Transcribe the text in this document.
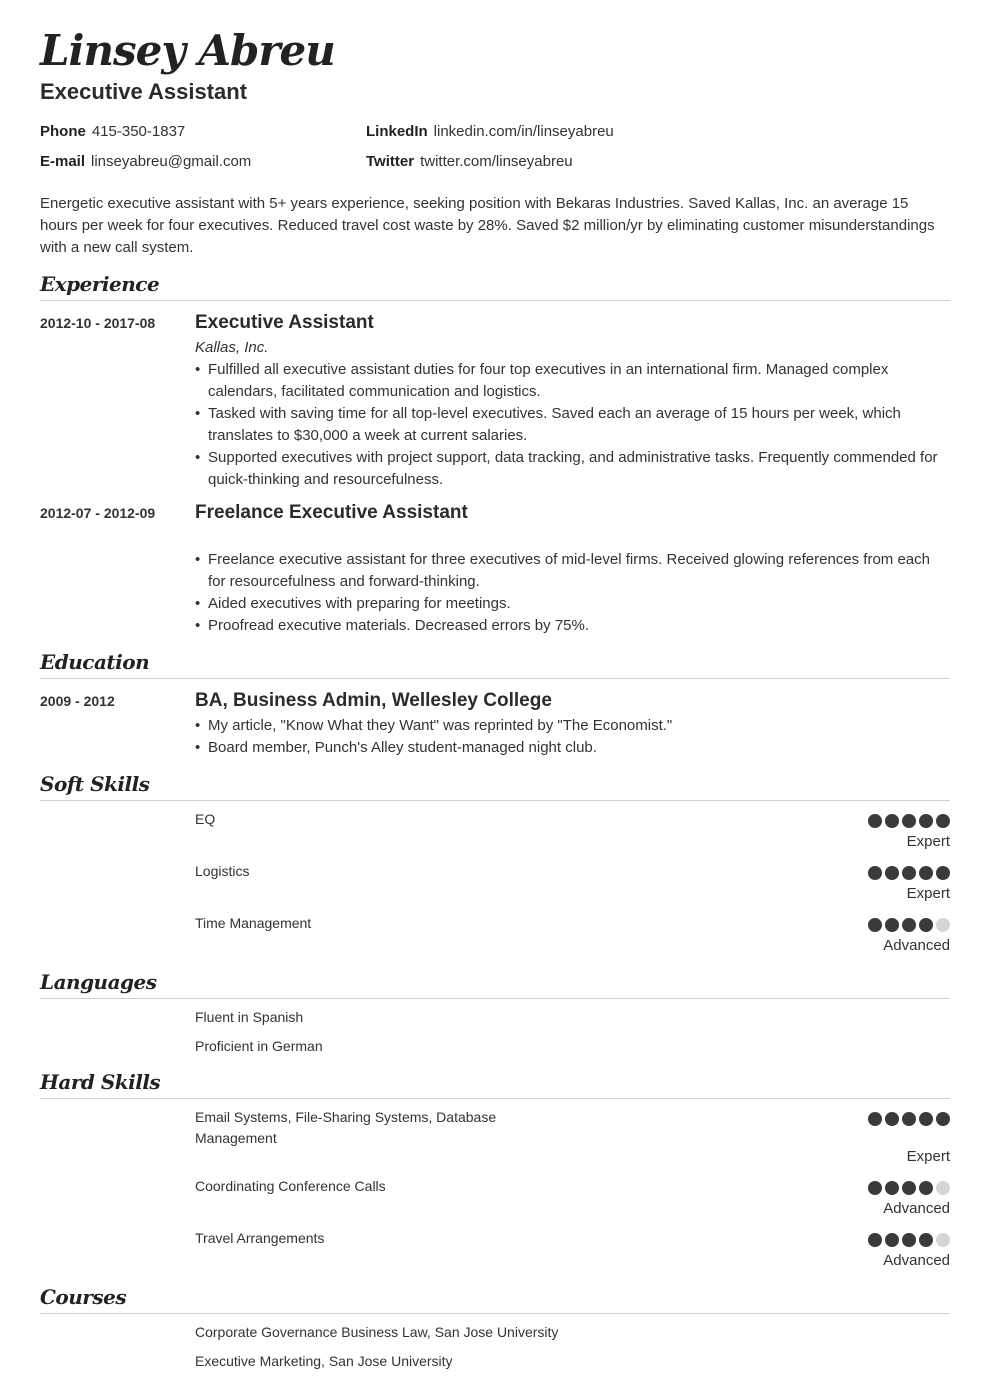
Linsey Abreu
Executive Assistant
Phone 415-350-1837	LinkedIn linkedin.com/in/linseyabreu
E-mail linseyabreu@gmail.com	Twitter twitter.com/linseyabreu

Energetic executive assistant with 5+ years experience, seeking position with Bekaras Industries. Saved Kallas, Inc. an average 15 hours per week for four executives. Reduced travel cost waste by 28%. Saved $2 million/yr by eliminating customer misunderstandings with a new call system.

Experience
2012-10 - 2017-08 Executive Assistant
Kallas, Inc.
• Fulfilled all executive assistant duties for four top executives in an international firm. Managed complex calendars, facilitated communication and logistics.
• Tasked with saving time for all top-level executives. Saved each an average of 15 hours per week, which translates to $30,000 a week at current salaries.
• Supported executives with project support, data tracking, and administrative tasks. Frequently commended for quick-thinking and resourcefulness.
2012-07 - 2012-09 Freelance Executive Assistant
• Freelance executive assistant for three executives of mid-level firms. Received glowing references from each for resourcefulness and forward-thinking.
• Aided executives with preparing for meetings.
• Proofread executive materials. Decreased errors by 75%.
Education
2009 - 2012	BA, Business Admin, Wellesley College
• My article, "Know What they Want" was reprinted by "The Economist."
• Board member, Punch's Alley student-managed night club.
Soft Skills
EQ
Expert
Logistics
Expert
Time Management
Advanced
Languages
Fluent in Spanish
Proficient in German
Hard Skills
Email Systems, File-Sharing Systems, Database Management
Expert
Coordinating Conference Calls
Advanced
Travel Arrangements
Advanced
Courses
Corporate Governance Business Law, San Jose University
Executive Marketing, San Jose University
